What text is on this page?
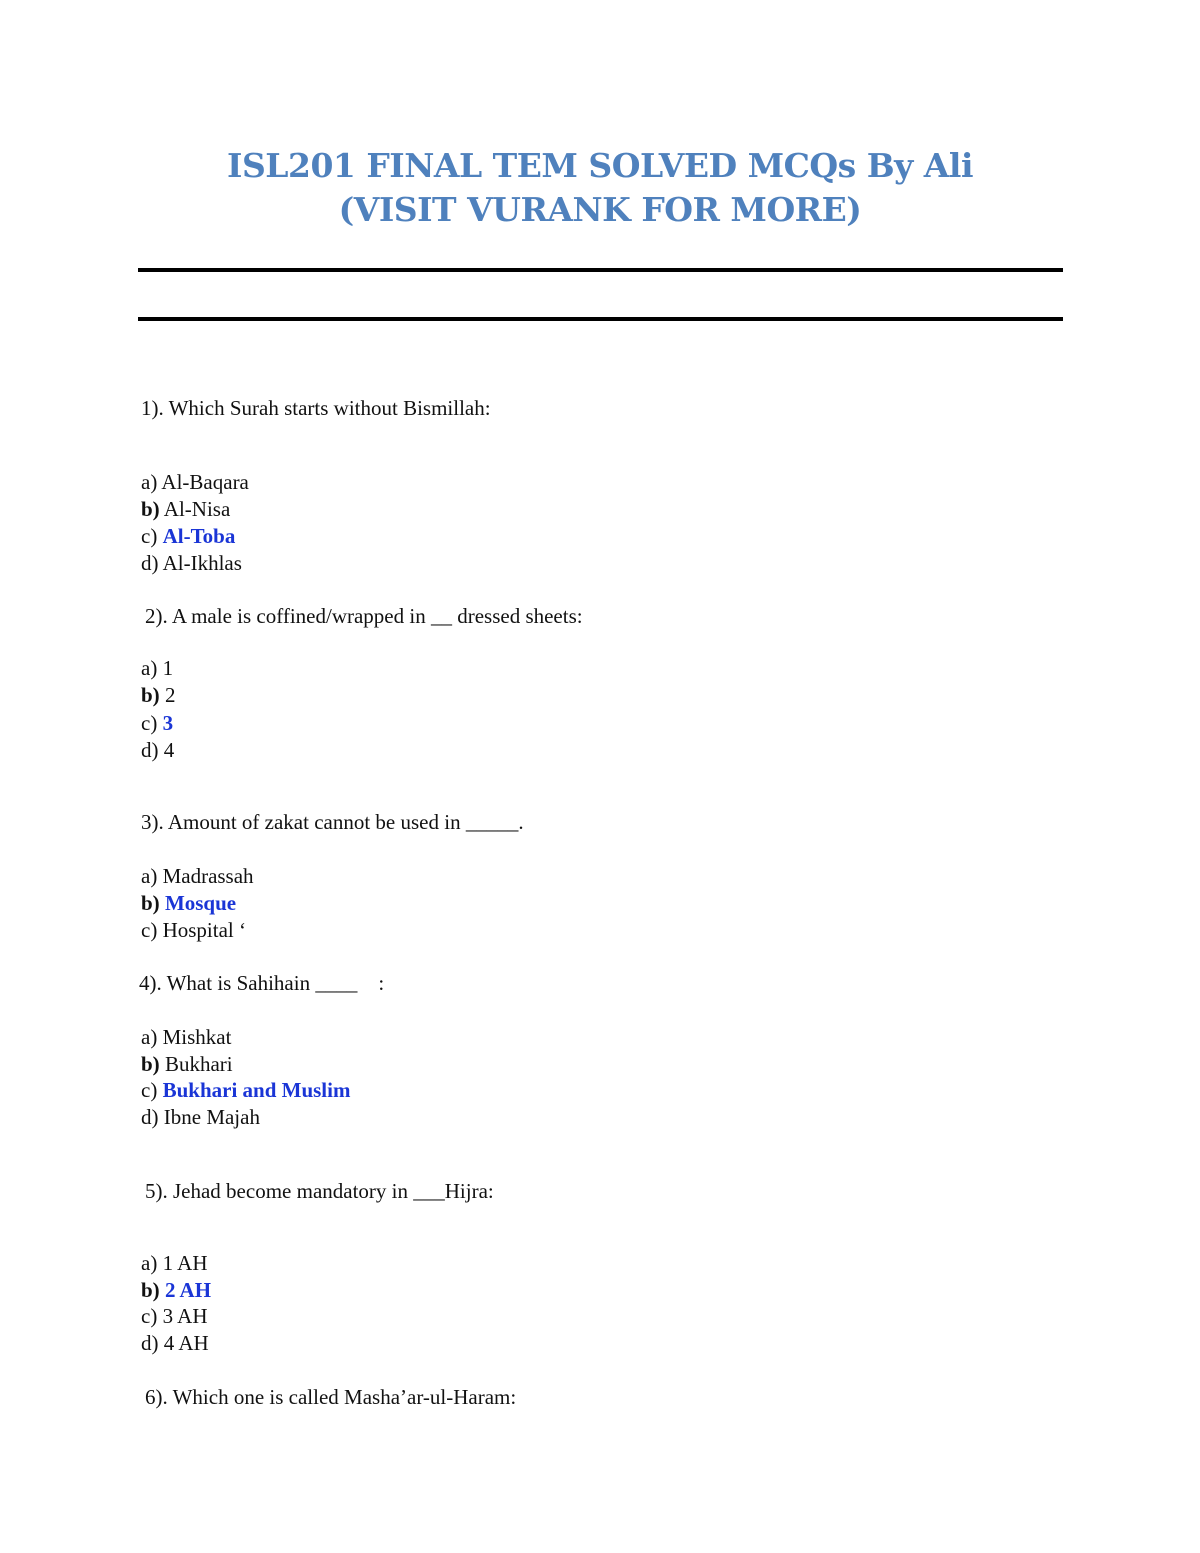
ISL201 FINAL TEM SOLVED MCQs By Ali
(VISIT VURANK FOR MORE)
1). Which Surah starts without Bismillah:
a) Al-Baqara
b) Al-Nisa
c) Al-Toba
d) Al-Ikhlas
2). A male is coffined/wrapped in __ dressed sheets:
a) 1
b) 2
c) 3
d) 4
3). Amount of zakat cannot be used in _____.
a) Madrassah
b) Mosque
c) Hospital ‘
4). What is Sahihain ____    :
a) Mishkat
b) Bukhari
c) Bukhari and Muslim
d) Ibne Majah
5). Jehad become mandatory in ___Hijra:
a) 1 AH
b) 2 AH
c) 3 AH
d) 4 AH
6). Which one is called Masha’ar-ul-Haram:
